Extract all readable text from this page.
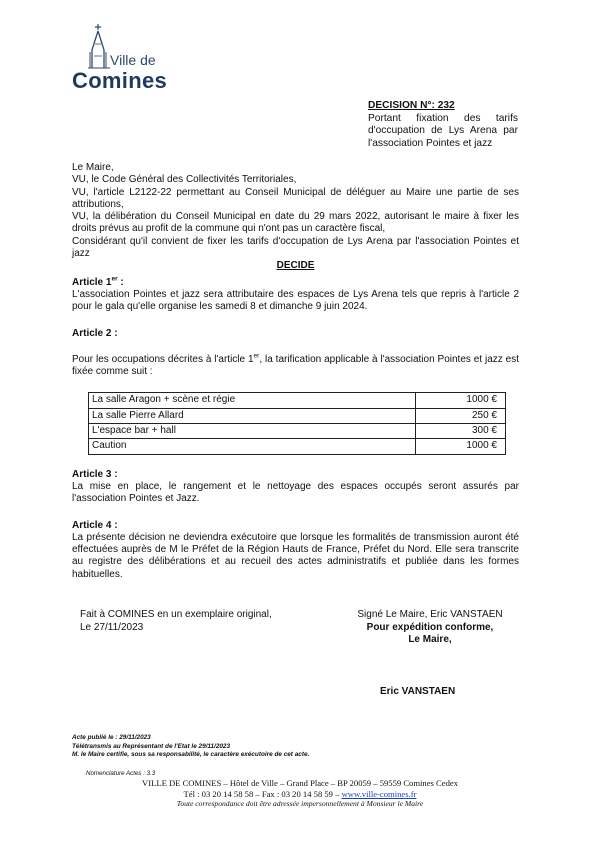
Ville de
Comines
DECISION N°: 232
Portant fixation des tarifs d'occupation de Lys Arena par l'association Pointes et jazz

Le Maire,

VU, le Code Général des Collectivités Territoriales,

VU, l'article L2122-22 permettant au Conseil Municipal de déléguer au Maire une partie de ses attributions,

VU, la délibération du Conseil Municipal en date du 29 mars 2022, autorisant le maire à fixer les droits prévus au profit de la commune qui n'ont pas un caractère fiscal,

Considérant qu'il convient de fixer les tarifs d'occupation de Lys Arena par l'association Pointes et jazz

DECIDE

Article 1er :

L'association Pointes et jazz sera attributaire des espaces de Lys Arena tels que repris à l'article 2 pour le gala qu'elle organise les samedi 8 et dimanche 9 juin 2024.

Article 2 :

Pour les occupations décrites à l'article 1er, la tarification applicable à l'association Pointes et jazz est fixée comme suit :

La salle Aragon + scène et régie	1000 €
La salle Pierre Allard	250 €
L'espace bar + hall	300 €
Caution	1000 €

Article 3 :

La mise en place, le rangement et le nettoyage des espaces occupés seront assurés par l'association Pointes et Jazz.

Article 4 :

La présente décision ne deviendra exécutoire que lorsque les formalités de transmission auront été effectuées auprès de M le Préfet de la Région Hauts de France, Préfet du Nord. Elle sera transcrite au registre des délibérations et au recueil des actes administratifs et publiée dans les formes habituelles.

Fait à COMINES en un exemplaire original,
Le 27/11/2023
Signé Le Maire, Eric VANSTAEN
Pour expédition conforme,
Le Maire,
Eric VANSTAEN
Acte publié le : 29/11/2023
Télétransmis au Représentant de l'Etat le 29/11/2023
M. le Maire certifie, sous sa responsabilité, le caractère exécutoire de cet acte.
Nomenclature Actes : 3.3
VILLE DE COMINES – Hôtel de Ville – Grand Place – BP 20059 – 59559 Comines Cedex
Tél : 03 20 14 58 58 – Fax : 03 20 14 58 59 – www.ville-comines.fr
Toute correspondance doit être adressée impersonnellement à Monsieur le Maire
